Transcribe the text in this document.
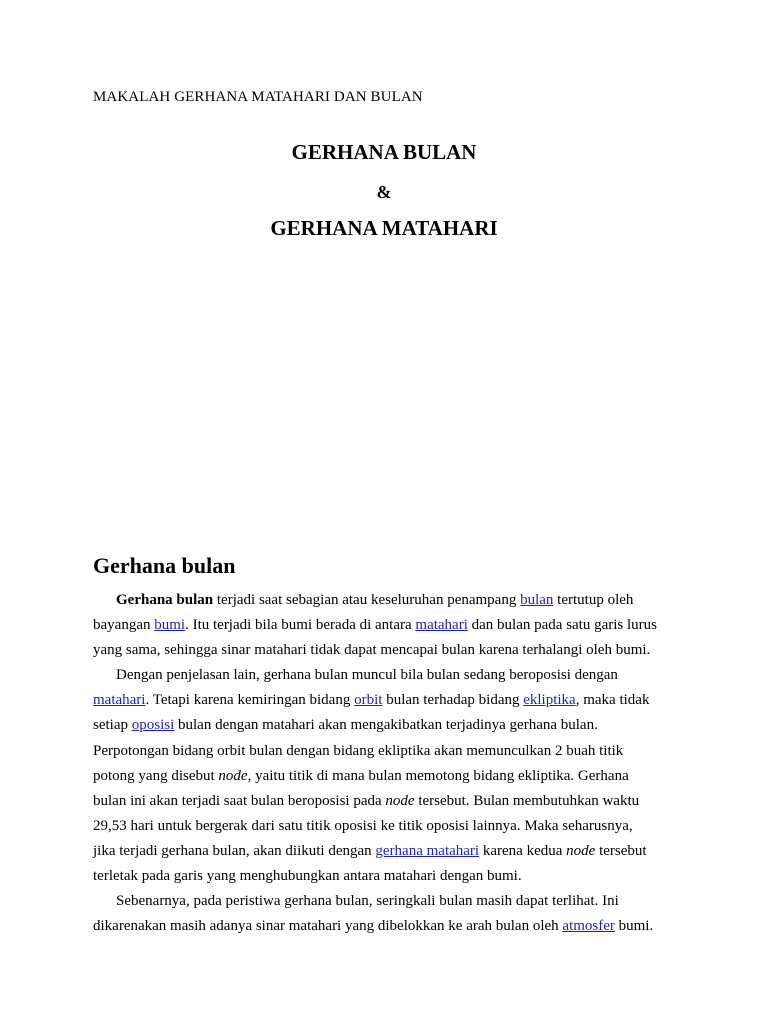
MAKALAH GERHANA MATAHARI DAN BULAN
GERHANA BULAN
&
GERHANA MATAHARI
Gerhana bulan
Gerhana bulan terjadi saat sebagian atau keseluruhan penampang bulan tertutup oleh
bayangan bumi. Itu terjadi bila bumi berada di antara matahari dan bulan pada satu garis lurus
yang sama, sehingga sinar matahari tidak dapat mencapai bulan karena terhalangi oleh bumi.
Dengan penjelasan lain, gerhana bulan muncul bila bulan sedang beroposisi dengan
matahari. Tetapi karena kemiringan bidang orbit bulan terhadap bidang ekliptika, maka tidak
setiap oposisi bulan dengan matahari akan mengakibatkan terjadinya gerhana bulan.
Perpotongan bidang orbit bulan dengan bidang ekliptika akan memunculkan 2 buah titik
potong yang disebut node, yaitu titik di mana bulan memotong bidang ekliptika. Gerhana
bulan ini akan terjadi saat bulan beroposisi pada node tersebut. Bulan membutuhkan waktu
29,53 hari untuk bergerak dari satu titik oposisi ke titik oposisi lainnya. Maka seharusnya,
jika terjadi gerhana bulan, akan diikuti dengan gerhana matahari karena kedua node tersebut
terletak pada garis yang menghubungkan antara matahari dengan bumi.
Sebenarnya, pada peristiwa gerhana bulan, seringkali bulan masih dapat terlihat. Ini
dikarenakan masih adanya sinar matahari yang dibelokkan ke arah bulan oleh atmosfer bumi.
